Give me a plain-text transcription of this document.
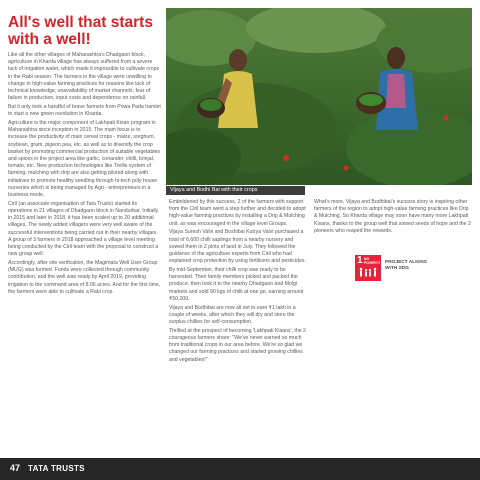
All's well that starts with a well!

Like all the other villages of Maharashtra's Dhadgaon block, agriculture in Kharda village has always suffered from a severe lack of irrigation water, which made it impossible to cultivate crops in the Rabi season. The farmers in the village were unwilling to change to high-value farming practices for reasons like lack of technical knowledge, unavailability of market channels, fear of failure in production, input costs and dependence on rainfall.

But it only took a handful of brave farmers from Powa Pada hamlet to start a new green revolution in Kharda.

Agriculture is the major component of Lakhpati Kisan program in Maharashtra since inception in 2015. The main focus is to increase the productivity of main cereal crops - maize, sorghum, soybean, gram, pigeon pea, etc. as well as to diversify the crop basket by promoting commercial production of suitable vegetables and spices in the project area like garlic, coriander, chilli, brinjal, tomato, etc. New production technologies like Trellis system of farming, mulching with drip are also getting piloted along with initiatives to promote healthy seedling through hi-tech poly house nurseries which is being managed by Agri - entrepreneurs in a business mode.

Ciril (an associate organisation of Tata Trusts) started its operations in 21 villages of Dhadgaon block in Nandurbar. Initially in 2015 and later in 2018, it has been scaled up to 20 additional villages. The newly added villagers were very well aware of the successful interventions being carried out in their nearby villages. A group of 3 farmers in 2018 approached a village level meeting being conducted by the Ciril team with the proposal to construct a new group well.

Accordingly, after site verification, the Magimata Well User Group (MUG) was formed. Funds were collected through community contribution, and the well was ready by April 2019, providing irrigation to the command area of 8.06 acres. And for the first time, the farmers were able to cultivate a Rabi crop.

Vijaya and Bodhi Bai with their crops

Emboldened by this success, 2 of the farmers with support from the Ciril team went a step further and decided to adopt high-value farming practices by installing a Drip & Mulching unit, as was encouraged in the village level Groups.

Vijaya Suresh Valvi and Boshibai Kutrya Valvi purchased a total of 6,600 chilli saplings from a nearby nursery and sowed them in 2 plots of land in July. They followed the guidance of the agriculture experts from Ciril who had explained crop protection by using fertilisers and pesticides.

By mid-September, their chilli crop was ready to be harvested. Their family members picked and packed the produce; then took it to the nearby Dhadgaon and Molgi markets and sold 90 kgs of chilli at one go, earning around ₹50,000.

Vijaya and Bodhibai are now all set to earn ₹1 lakh in a couple of weeks, after which they will dry and store the surplus chillies for self-consumption.

Thrilled at the prospect of becoming 'Lakhpati Kisans', the 2 courageous farmers share: "We've never earned so much from traditional crops in our area before. We're so glad we changed our farming practices and started growing chillies and vegetables!"

What's more, Vijaya and Bodhibai's success story is inspiring other farmers of the region to adopt high-value farming practices like Drip & Mulching. So Kharda village may soon have many more Lakhpati Kisans, thanks to the group well that sowed seeds of hope and the 2 pioneers who reaped the rewards.

1 NO POVERTY PROJECT ALIGNS WITH SDG
47 TATA TRUSTS
